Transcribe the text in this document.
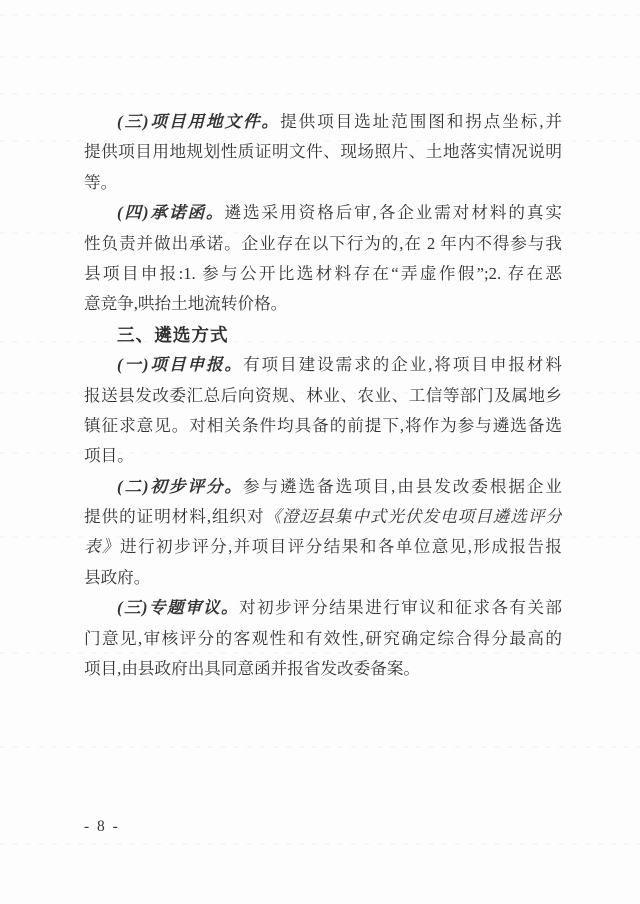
(三)项目用地文件。提供项目选址范围图和拐点坐标,并
提供项目用地规划性质证明文件、现场照片、土地落实情况说明
等。
(四)承诺函。遴选采用资格后审,各企业需对材料的真实
性负责并做出承诺。企业存在以下行为的,在 2 年内不得参与我
县项目申报:1. 参与公开比选材料存在“弄虚作假”;2. 存在恶
意竞争,哄抬土地流转价格。
三、遴选方式
(一)项目申报。有项目建设需求的企业,将项目申报材料
报送县发改委汇总后向资规、林业、农业、工信等部门及属地乡
镇征求意见。对相关条件均具备的前提下,将作为参与遴选备选
项目。
(二)初步评分。参与遴选备选项目,由县发改委根据企业
提供的证明材料,组织对《澄迈县集中式光伏发电项目遴选评分
表》进行初步评分,并项目评分结果和各单位意见,形成报告报
县政府。
(三)专题审议。对初步评分结果进行审议和征求各有关部
门意见,审核评分的客观性和有效性,研究确定综合得分最高的
项目,由县政府出具同意函并报省发改委备案。
- 8 -
